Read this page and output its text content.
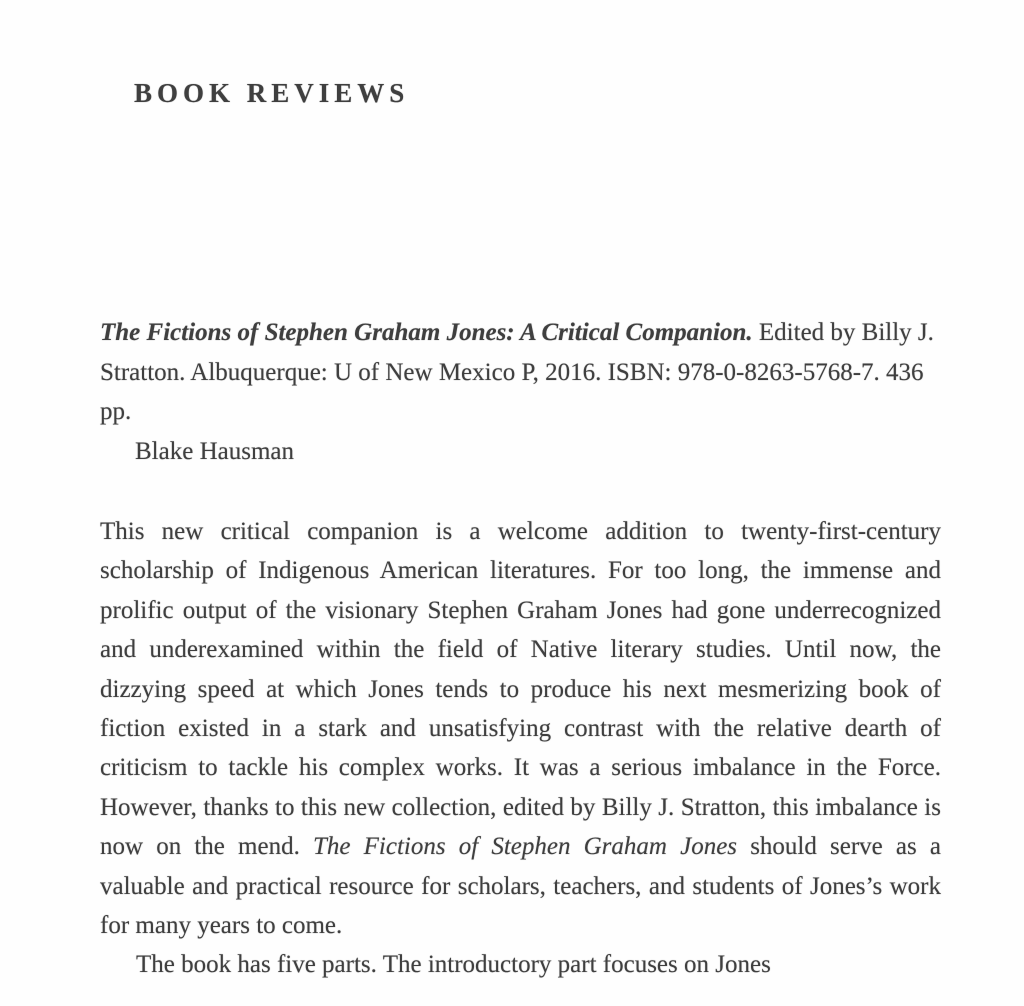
BOOK REVIEWS

The Fictions of Stephen Graham Jones: A Critical Companion. Edited by Billy J. Stratton. Albuquerque: U of New Mexico P, 2016. ISBN: 978-0-8263-5768-7. 436 pp.

Blake Hausman

This new critical companion is a welcome addition to twenty-first-century scholarship of Indigenous American literatures. For too long, the immense and prolific output of the visionary Stephen Graham Jones had gone underrecognized and underexamined within the field of Native literary studies. Until now, the dizzying speed at which Jones tends to produce his next mesmerizing book of fiction existed in a stark and unsatisfying contrast with the relative dearth of criticism to tackle his complex works. It was a serious imbalance in the Force. However, thanks to this new collection, edited by Billy J. Stratton, this imbalance is now on the mend. The Fictions of Stephen Graham Jones should serve as a valuable and practical resource for scholars, teachers, and students of Jones’s work for many years to come.

The book has five parts. The introductory part focuses on Jones
